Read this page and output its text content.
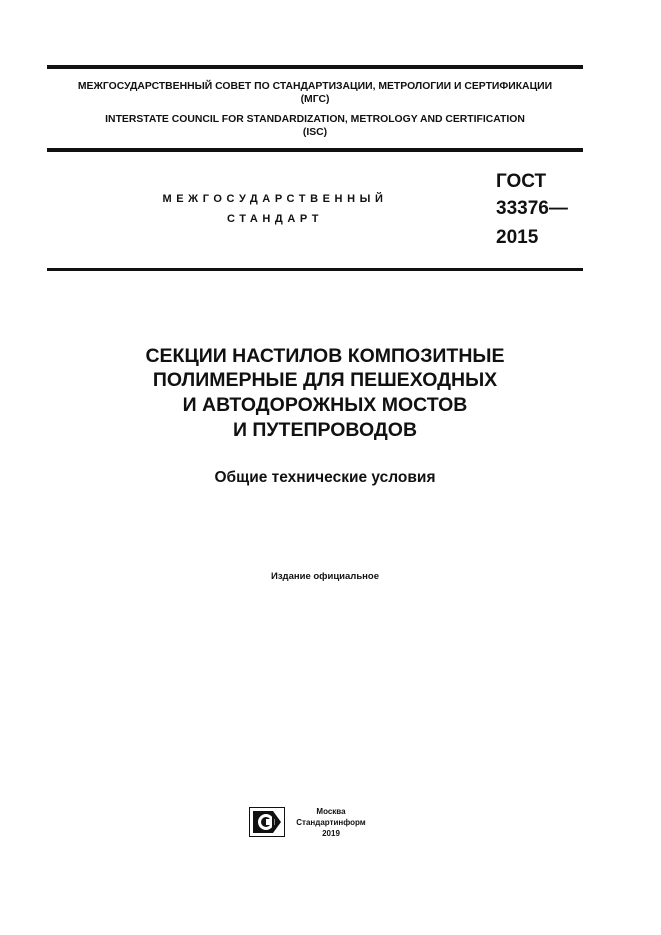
МЕЖГОСУДАРСТВЕННЫЙ СОВЕТ ПО СТАНДАРТИЗАЦИИ, МЕТРОЛОГИИ И СЕРТИФИКАЦИИ
(МГС)
INTERSTATE COUNCIL FOR STANDARDIZATION, METROLOGY AND CERTIFICATION
(ISC)
МЕЖГОСУДАРСТВЕННЫЙ
СТАНДАРТ
ГОСТ
33376—
2015
СЕКЦИИ НАСТИЛОВ КОМПОЗИТНЫЕ
ПОЛИМЕРНЫЕ ДЛЯ ПЕШЕХОДНЫХ
И АВТОДОРОЖНЫХ МОСТОВ
И ПУТЕПРОВОДОВ
Общие технические условия
Издание официальное
Москва
Стандартинформ
2019
